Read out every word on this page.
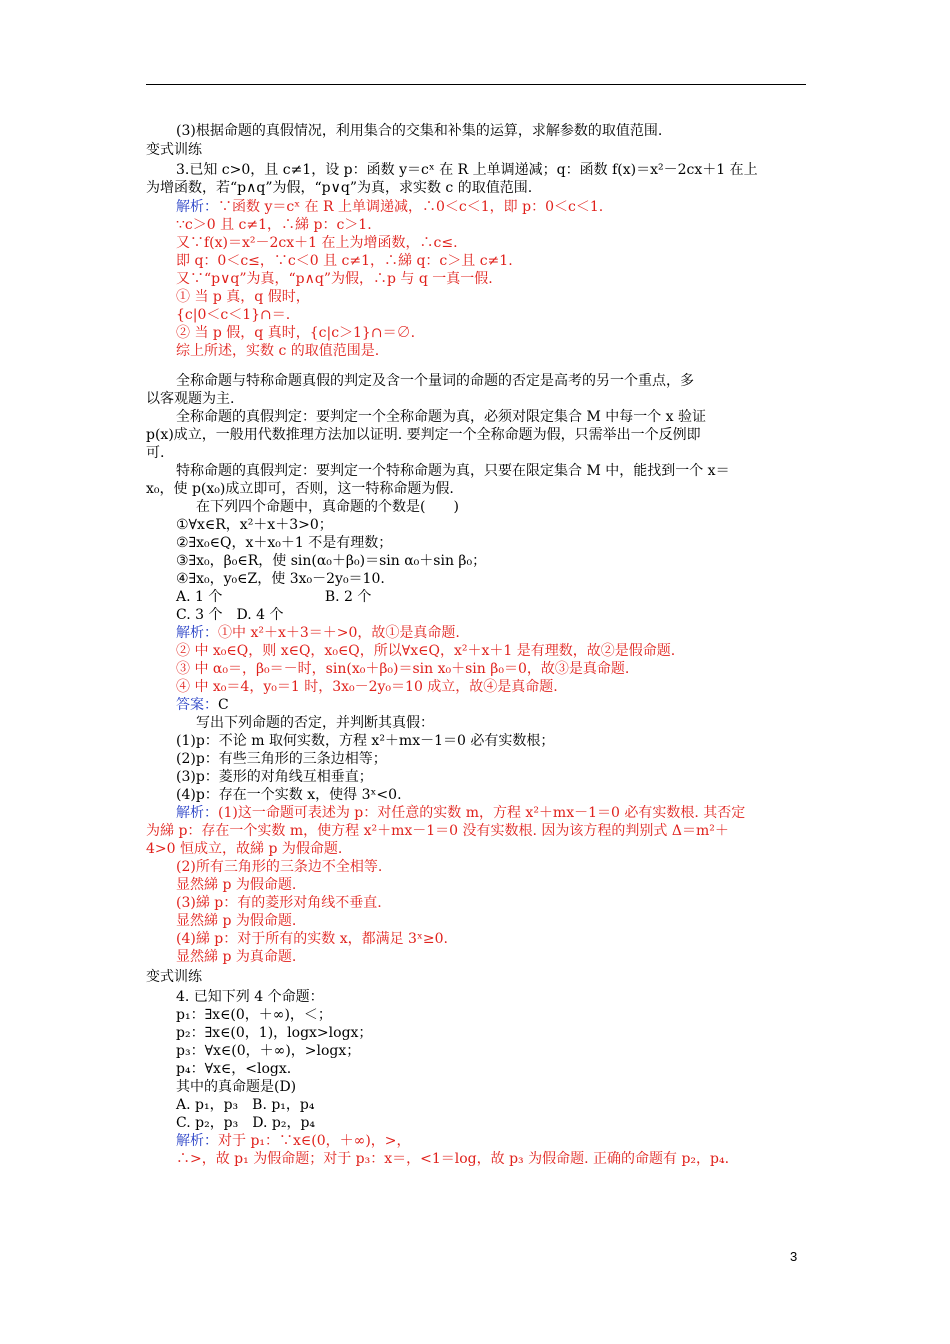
(3)根据命题的真假情况，利用集合的交集和补集的运算，求解参数的取值范围.
变式训练
3.已知 c>0，且 c≠1，设 p：函数 y＝cˣ 在 R 上单调递减；q：函数 f(x)＝x²－2cx＋1 在上
为增函数，若“p∧q”为假，“p∨q”为真，求实数 c 的取值范围.
解析：∵函数 y＝cˣ 在 R 上单调递减，∴0＜c＜1，即 p：0＜c＜1.
∵c＞0 且 c≠1，∴綈 p：c＞1.
又∵f(x)＝x²－2cx＋1 在上为增函数，∴c≤.
即 q：0＜c≤，∵c＜0 且 c≠1，∴綈 q：c＞且 c≠1.
又∵“p∨q”为真，“p∧q”为假，∴p 与 q 一真一假.
① 当 p 真，q 假时，
{c|0＜c＜1}∩＝.
② 当 p 假，q 真时，{c|c＞1}∩＝∅.
综上所述，实数 c 的取值范围是.
全称命题与特称命题真假的判定及含一个量词的命题的否定是高考的另一个重点，多
以客观题为主.
全称命题的真假判定：要判定一个全称命题为真，必须对限定集合 M 中每一个 x 验证
p(x)成立，一般用代数推理方法加以证明. 要判定一个全称命题为假，只需举出一个反例即
可.
特称命题的真假判定：要判定一个特称命题为真，只要在限定集合 M 中，能找到一个 x＝
x₀，使 p(x₀)成立即可，否则，这一特称命题为假.
在下列四个命题中，真命题的个数是(　　)
①∀x∈R，x²＋x＋3>0；
②∃x₀∈Q，x＋x₀＋1 不是有理数；
③∃x₀，β₀∈R，使 sin(α₀＋β₀)＝sin α₀＋sin β₀；
④∃x₀，y₀∈Z，使 3x₀－2y₀＝10.
A. 1 个　　　　　　　 B. 2 个
C. 3 个　D. 4 个
解析：①中 x²＋x＋3＝＋>0，故①是真命题.
② 中 x₀∈Q，则 x∈Q，x₀∈Q，所以∀x∈Q，x²＋x＋1 是有理数，故②是假命题.
③ 中 α₀＝，β₀＝－时，sin(x₀＋β₀)＝sin x₀＋sin β₀＝0，故③是真命题.
④ 中 x₀＝4，y₀＝1 时，3x₀－2y₀＝10 成立，故④是真命题.
答案：C
写出下列命题的否定，并判断其真假：
(1)p：不论 m 取何实数，方程 x²＋mx－1＝0 必有实数根；
(2)p：有些三角形的三条边相等；
(3)p：菱形的对角线互相垂直；
(4)p：存在一个实数 x，使得 3ˣ<0.
解析：(1)这一命题可表述为 p：对任意的实数 m，方程 x²＋mx－1＝0 必有实数根. 其否定
为綈 p：存在一个实数 m，使方程 x²＋mx－1＝0 没有实数根. 因为该方程的判别式 Δ＝m²＋
4>0 恒成立，故綈 p 为假命题.
(2)所有三角形的三条边不全相等.
显然綈 p 为假命题.
(3)綈 p：有的菱形对角线不垂直.
显然綈 p 为假命题.
(4)綈 p：对于所有的实数 x，都满足 3ˣ≥0.
显然綈 p 为真命题.
变式训练
4. 已知下列 4 个命题：
p₁：∃x∈(0，＋∞)，＜；
p₂：∃x∈(0，1)，logx>logx；
p₃：∀x∈(0，＋∞)，>logx；
p₄：∀x∈，<logx.
其中的真命题是(D)
A. p₁，p₃　B. p₁，p₄
C. p₂，p₃　D. p₂，p₄
解析：对于 p₁：∵x∈(0，＋∞)，>，
∴>，故 p₁ 为假命题；对于 p₃：x＝，<1＝log，故 p₃ 为假命题. 正确的命题有 p₂，p₄.
3
